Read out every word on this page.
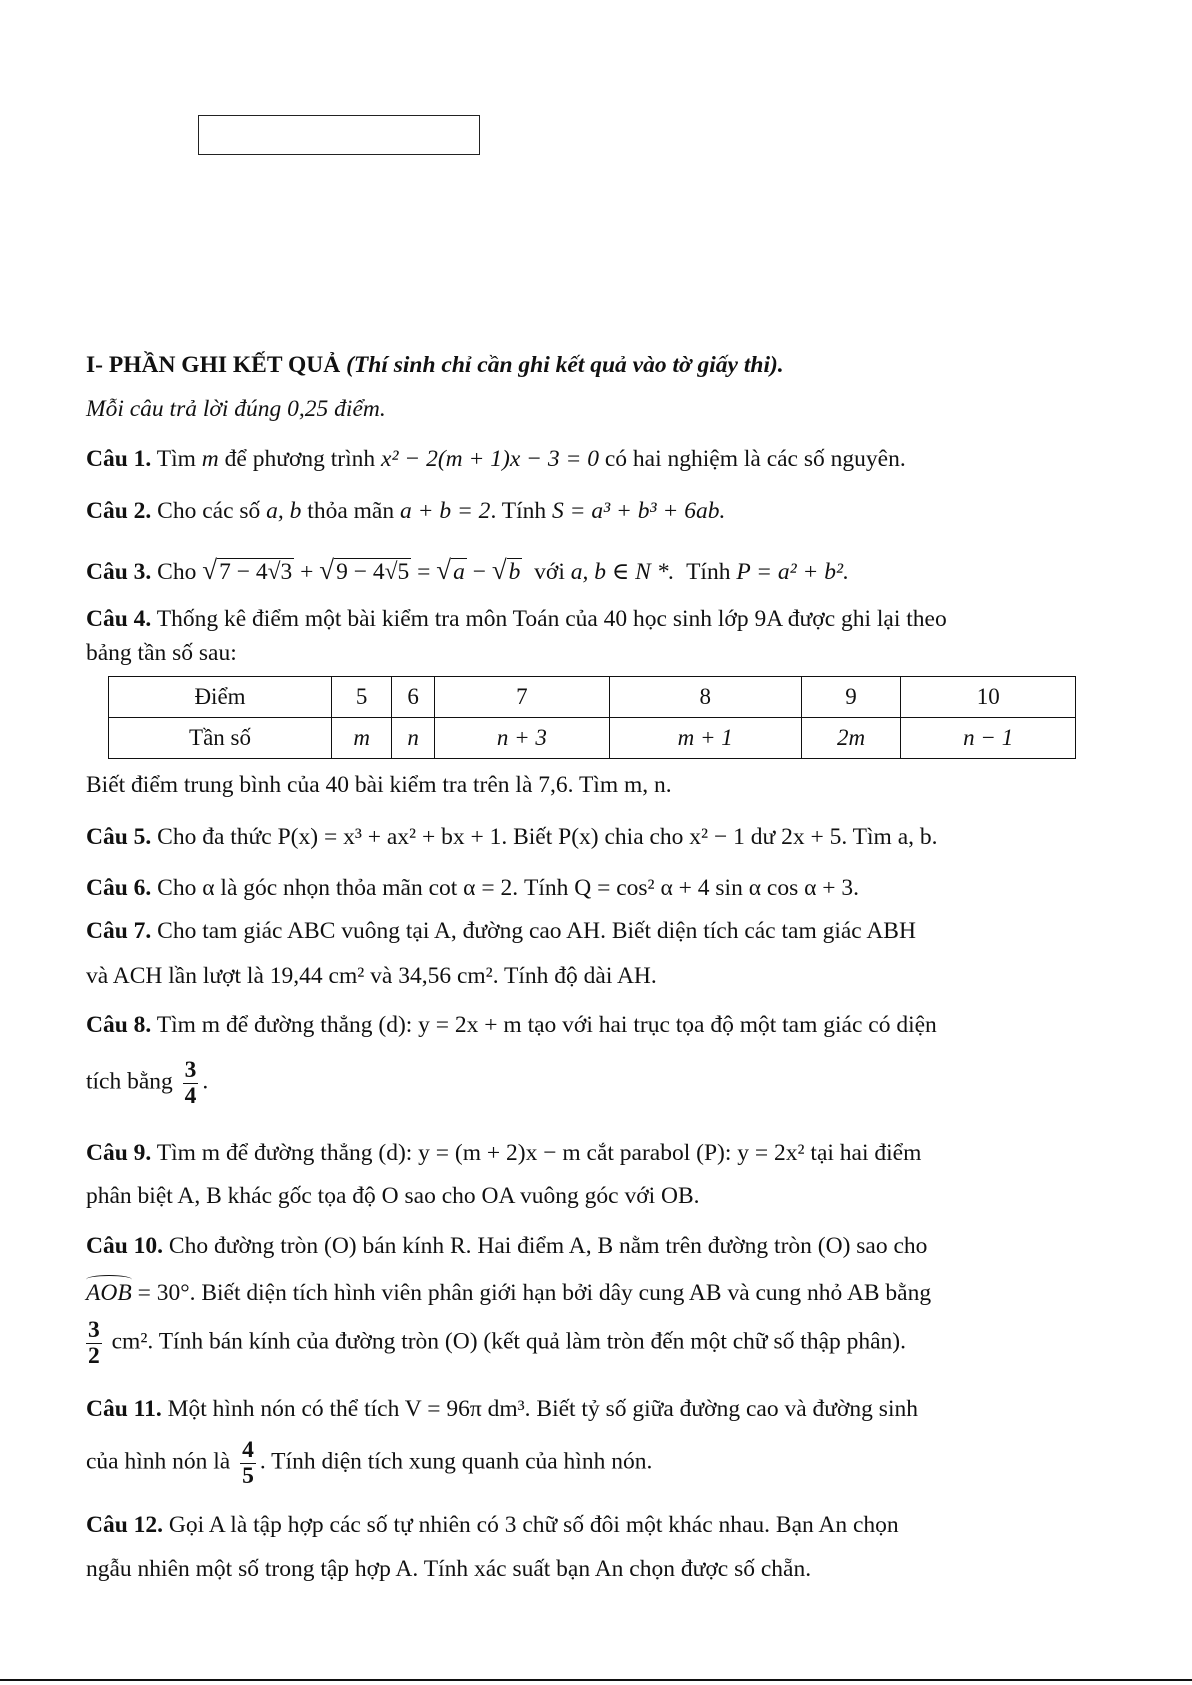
I- PHẦN GHI KẾT QUẢ (Thí sinh chỉ cần ghi kết quả vào tờ giấy thi).
Mỗi câu trả lời đúng 0,25 điểm.
Câu 1. Tìm m để phương trình x² − 2(m + 1)x − 3 = 0 có hai nghiệm là các số nguyên.
Câu 2. Cho các số a, b thỏa mãn a + b = 2. Tính S = a³ + b³ + 6ab.
Câu 3. Cho √7 − 4√3 + √9 − 4√5 = √a − √b với a, b ∈ N *. Tính P = a² + b².
Câu 4. Thống kê điểm một bài kiểm tra môn Toán của 40 học sinh lớp 9A được ghi lại theo
bảng tần số sau:
Điểm	5	6	7	8	9	10
Tần số	m	n	n + 3	m + 1	2m	n − 1
Biết điểm trung bình của 40 bài kiểm tra trên là 7,6. Tìm m, n.
Câu 5. Cho đa thức P(x) = x³ + ax² + bx + 1. Biết P(x) chia cho x² − 1 dư 2x + 5. Tìm a, b.
Câu 6. Cho α là góc nhọn thỏa mãn cot α = 2. Tính Q = cos² α + 4 sin α cos α + 3.
Câu 7. Cho tam giác ABC vuông tại A, đường cao AH. Biết diện tích các tam giác ABH
và ACH lần lượt là 19,44 cm² và 34,56 cm². Tính độ dài AH.
Câu 8. Tìm m để đường thẳng (d): y = 2x + m tạo với hai trục tọa độ một tam giác có diện
tích bằng $\frac{3}{4}$ .
Câu 9. Tìm m để đường thẳng (d): y = (m + 2)x − m cắt parabol (P): y = 2x² tại hai điểm
phân biệt A, B khác gốc tọa độ O sao cho OA vuông góc với OB.
Câu 10. Cho đường tròn (O) bán kính R. Hai điểm A, B nằm trên đường tròn (O) sao cho
AOB = 30°. Biết diện tích hình viên phân giới hạn bởi dây cung AB và cung nhỏ AB bằng
$\frac{3}{2} cm^2$. Tính bán kính của đường tròn (O) (kết quả làm tròn đến một chữ số thập phân).
Câu 11. Một hình nón có thể tích V = 96π dm³. Biết tỷ số giữa đường cao và đường sinh
của hình nón là $\frac{4}{5}$ . Tính diện tích xung quanh của hình nón.
Câu 12. Gọi A là tập hợp các số tự nhiên có 3 chữ số đôi một khác nhau. Bạn An chọn
ngẫu nhiên một số trong tập hợp A. Tính xác suất bạn An chọn được số chẵn.
